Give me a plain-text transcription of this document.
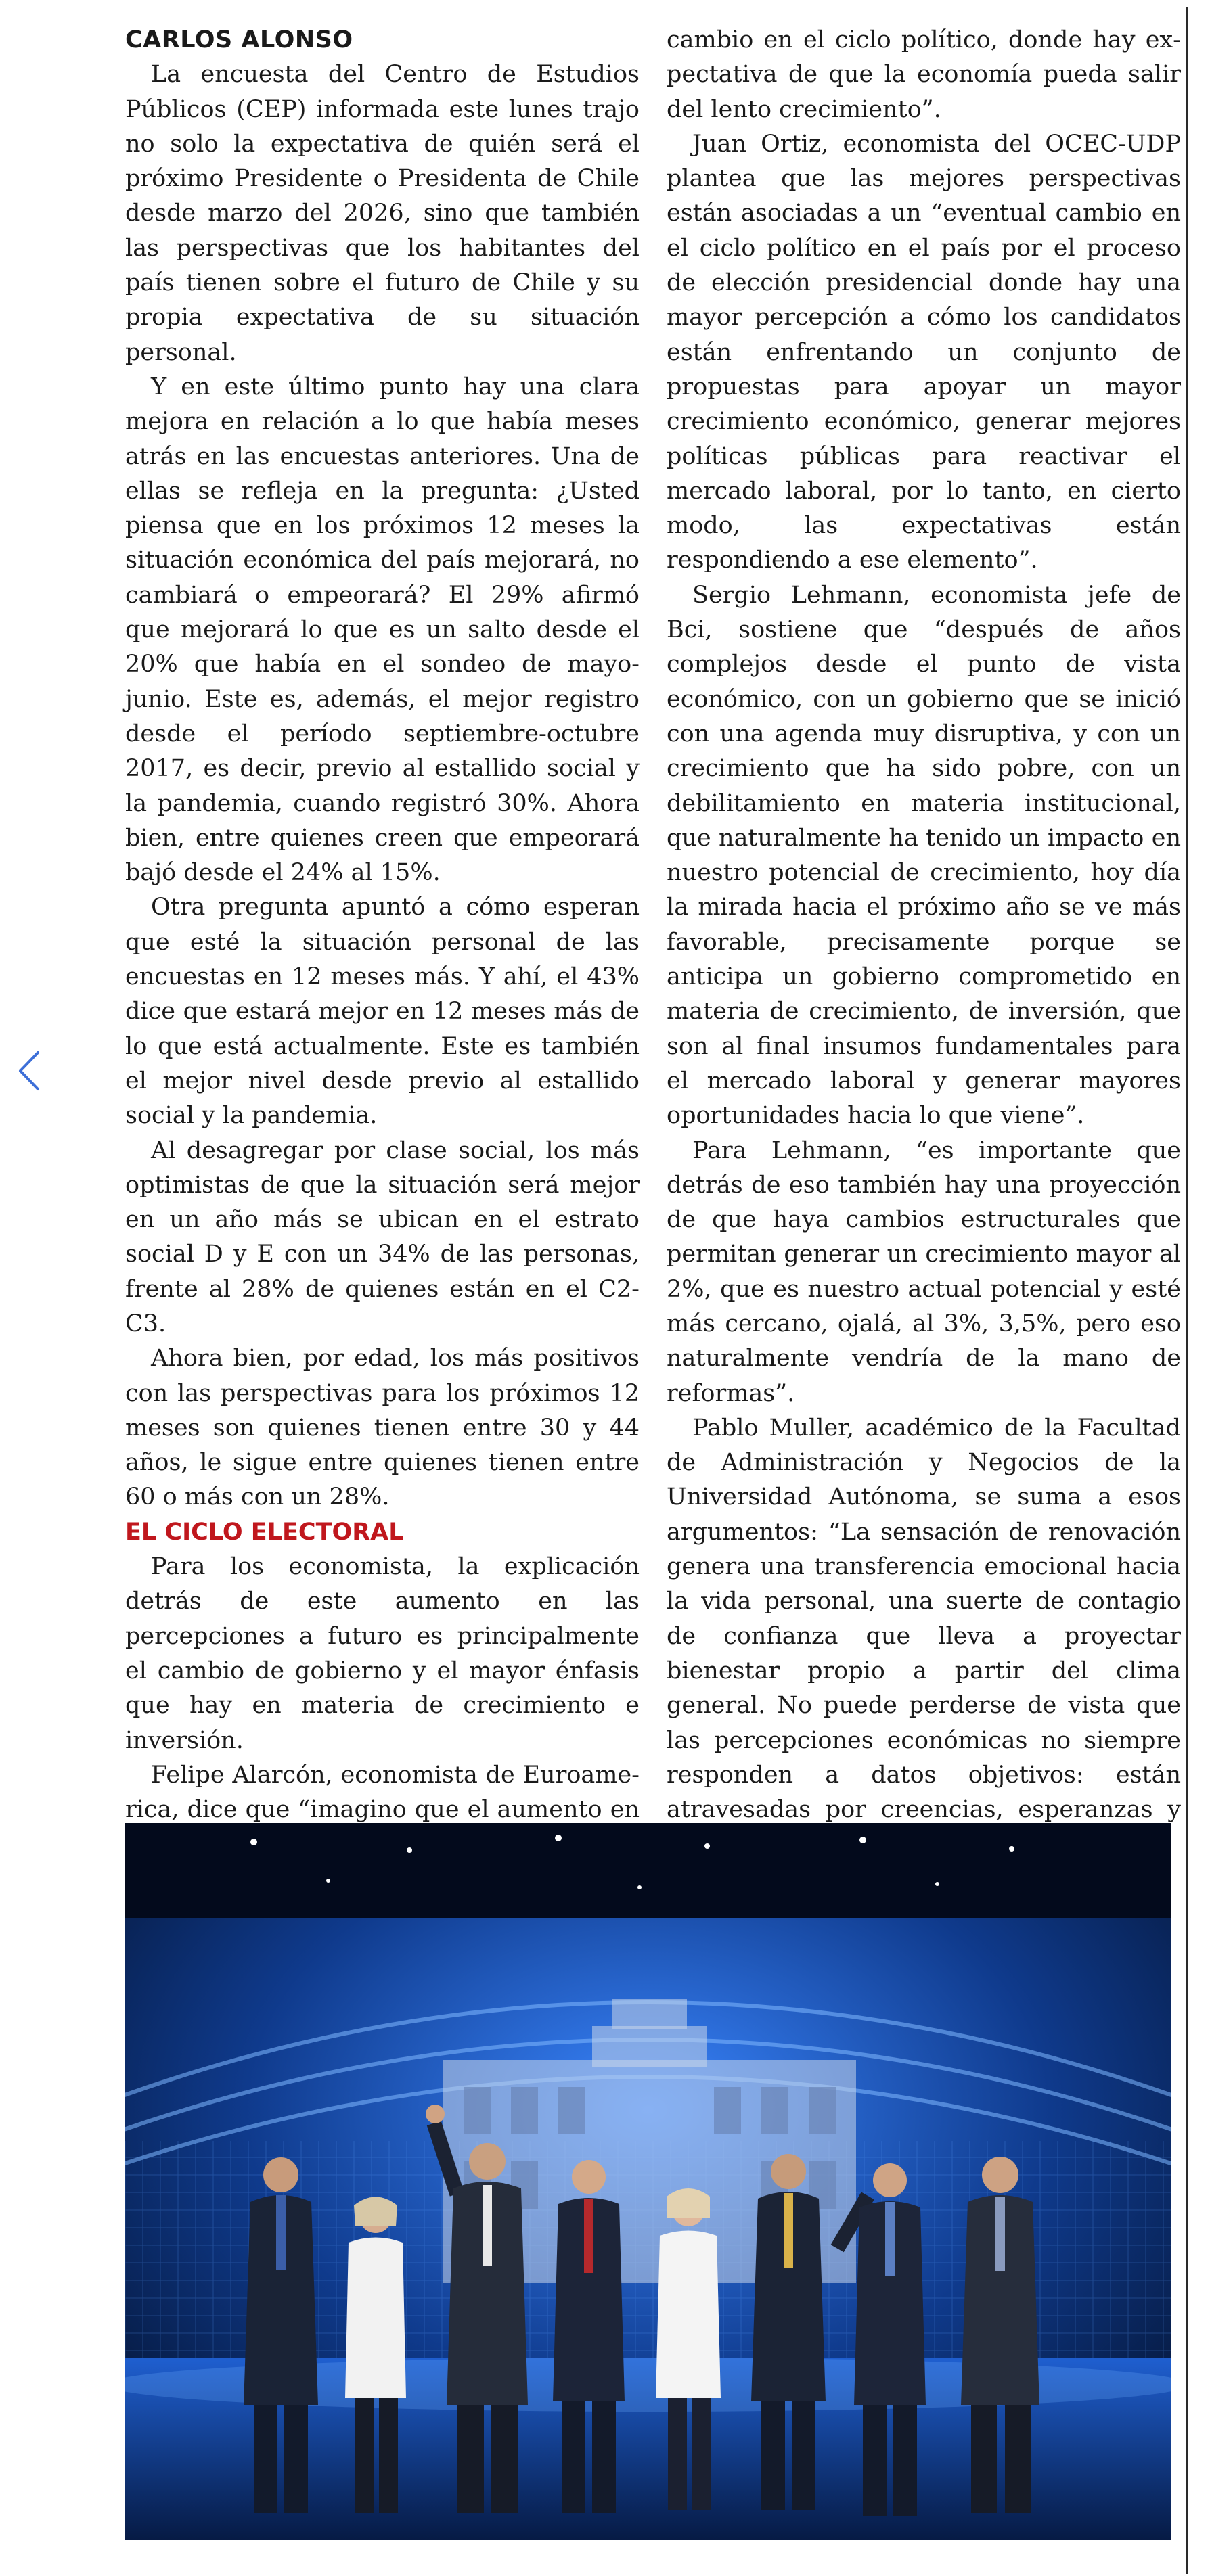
CARLOS ALONSO

La encuesta del Centro de Estudios Públicos (CEP) informada este lunes trajo no solo la expectativa de quién será el próximo Presidente o Presidenta de Chile desde marzo del 2026, sino que también las perspectivas que los habitantes del país tienen sobre el futuro de Chile y su propia expectativa de su situación personal.

Y en este último punto hay una clara mejora en relación a lo que había meses atrás en las encuestas anteriores. Una de ellas se refleja en la pregunta: ¿Usted piensa que en los próximos 12 meses la situación económica del país mejorará, no cambiará o empeorará? El 29% afirmó que mejorará lo que es un salto desde el 20% que había en el sondeo de mayo-junio. Este es, además, el mejor registro desde el período septiembre-octubre 2017, es decir, previo al estallido social y la pandemia, cuando registró 30%. Ahora bien, entre quienes creen que empeorará bajó desde el 24% al 15%.

Otra pregunta apuntó a cómo esperan que esté la situación personal de las encuestas en 12 meses más. Y ahí, el 43% dice que estará mejor en 12 meses más de lo que está actualmente. Este es también el mejor nivel desde previo al estallido social y la pandemia.

Al desagregar por clase social, los más optimistas de que la situación será mejor en un año más se ubican en el estrato social D y E con un 34% de las personas, frente al 28% de quienes están en el C2-C3.

Ahora bien, por edad, los más positivos con las perspectivas para los próximos 12 meses son quienes tienen entre 30 y 44 años, le sigue entre quienes tienen entre 60 o más con un 28%.

EL CICLO ELECTORAL

Para los economista, la explicación detrás de este aumento en las percepciones a futuro es principalmente el cambio de gobierno y el mayor énfasis que hay en materia de crecimiento e inversión.

Felipe Alarcón, economista de Euroamerica, dice que “imagino que el aumento en

cambio en el ciclo político, donde hay expectativa de que la economía pueda salir del lento crecimiento”.

Juan Ortiz, economista del OCEC-UDP plantea que las mejores perspectivas están asociadas a un “eventual cambio en el ciclo político en el país por el proceso de elección presidencial donde hay una mayor percepción a cómo los candidatos están enfrentando un conjunto de propuestas para apoyar un mayor crecimiento económico, generar mejores políticas públicas para reactivar el mercado laboral, por lo tanto, en cierto modo, las expectativas están respondiendo a ese elemento”.

Sergio Lehmann, economista jefe de Bci, sostiene que “después de años complejos desde el punto de vista económico, con un gobierno que se inició con una agenda muy disruptiva, y con un crecimiento que ha sido pobre, con un debilitamiento en materia institucional, que naturalmente ha tenido un impacto en nuestro potencial de crecimiento, hoy día la mirada hacia el próximo año se ve más favorable, precisamente porque se anticipa un gobierno comprometido en materia de crecimiento, de inversión, que son al final insumos fundamentales para el mercado laboral y generar mayores oportunidades hacia lo que viene”.

Para Lehmann, “es importante que detrás de eso también hay una proyección de que haya cambios estructurales que permitan generar un crecimiento mayor al 2%, que es nuestro actual potencial y esté más cercano, ojalá, al 3%, 3,5%, pero eso naturalmente vendría de la mano de reformas”.

Pablo Muller, académico de la Facultad de Administración y Negocios de la Universidad Autónoma, se suma a esos argumentos: “La sensación de renovación genera una transferencia emocional hacia la vida personal, una suerte de contagio de confianza que lleva a proyectar bienestar propio a partir del clima general. No puede perderse de vista que las percepciones económicas no siempre responden a datos objetivos: están atravesadas por creencias, esperanzas y
